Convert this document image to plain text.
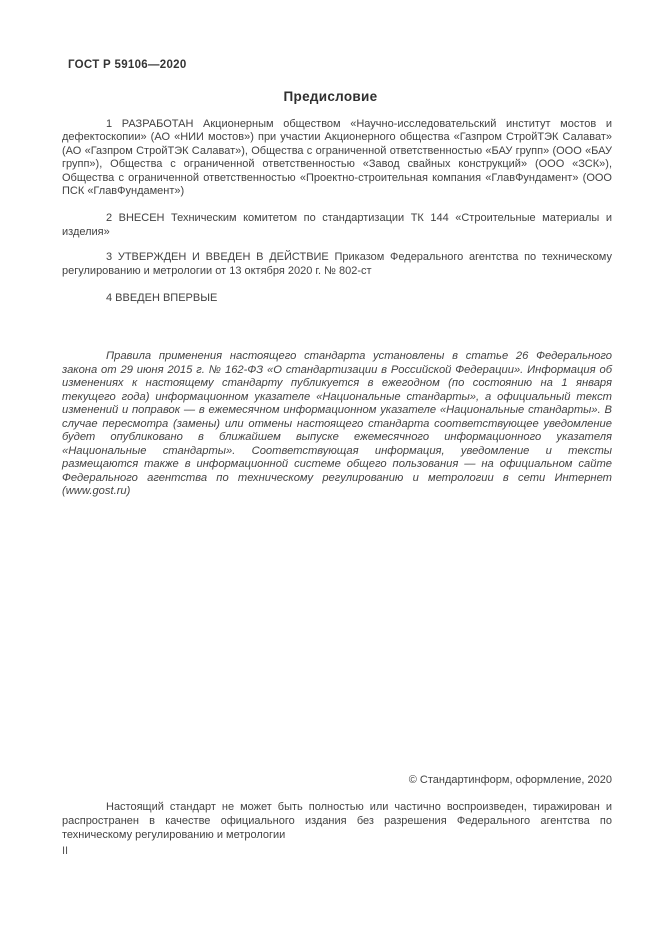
ГОСТ Р 59106—2020
Предисловие

1 РАЗРАБОТАН Акционерным обществом «Научно-исследовательский институт мостов и дефектоскопии» (АО «НИИ мостов») при участии Акционерного общества «Газпром СтройТЭК Салават» (АО «Газпром СтройТЭК Салават»), Общества с ограниченной ответственностью «БАУ групп» (ООО «БАУ групп»), Общества с ограниченной ответственностью «Завод свайных конструкций» (ООО «ЗСК»), Общества с ограниченной ответственностью «Проектно-строительная компания «ГлавФундамент» (ООО ПСК «ГлавФундамент»)

2 ВНЕСЕН Техническим комитетом по стандартизации ТК 144 «Строительные материалы и изделия»

3 УТВЕРЖДЕН И ВВЕДЕН В ДЕЙСТВИЕ Приказом Федерального агентства по техническому регулированию и метрологии от 13 октября 2020 г. № 802-ст

4 ВВЕДЕН ВПЕРВЫЕ

Правила применения настоящего стандарта установлены в статье 26 Федерального закона от 29 июня 2015 г. № 162-ФЗ «О стандартизации в Российской Федерации». Информация об изменениях к настоящему стандарту публикуется в ежегодном (по состоянию на 1 января текущего года) информационном указателе «Национальные стандарты», а официальный текст изменений и поправок — в ежемесячном информационном указателе «Национальные стандарты». В случае пересмотра (замены) или отмены настоящего стандарта соответствующее уведомление будет опубликовано в ближайшем выпуске ежемесячного информационного указателя «Национальные стандарты». Соответствующая информация, уведомление и тексты размещаются также в информационной системе общего пользования — на официальном сайте Федерального агентства по техническому регулированию и метрологии в сети Интернет (www.gost.ru)

© Стандартинформ, оформление, 2020

Настоящий стандарт не может быть полностью или частично воспроизведен, тиражирован и распространен в качестве официального издания без разрешения Федерального агентства по техническому регулированию и метрологии

II
